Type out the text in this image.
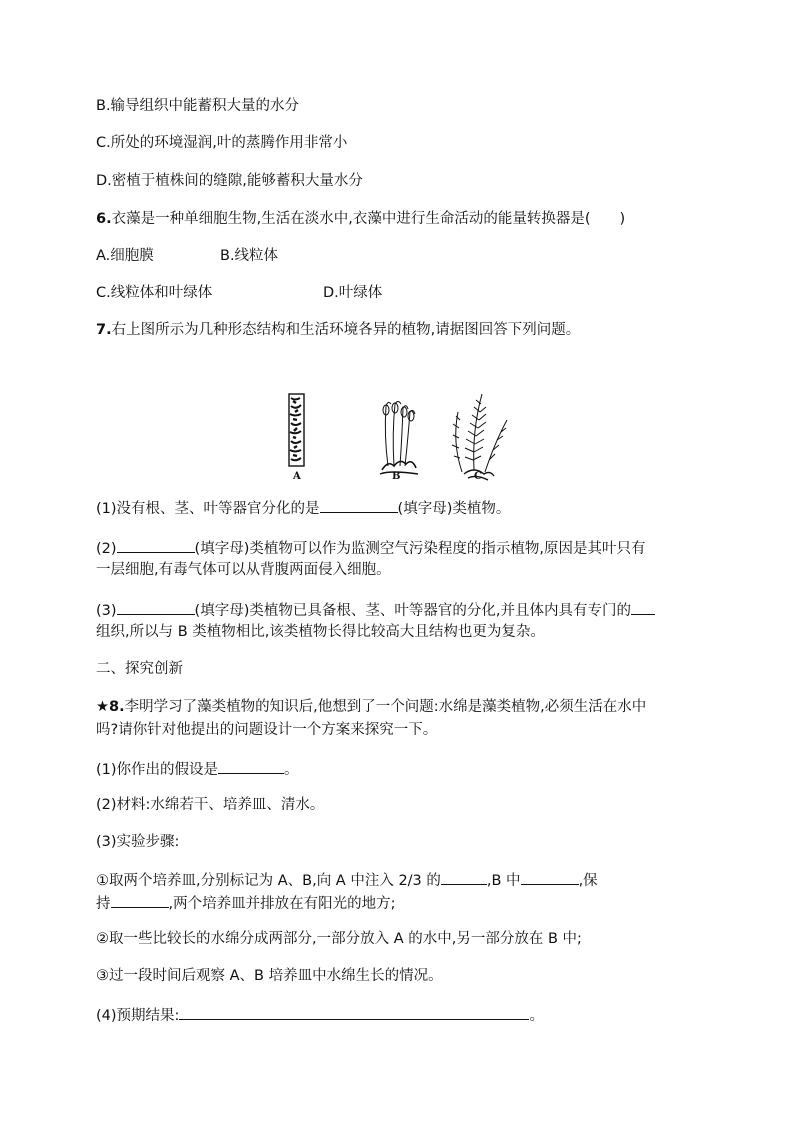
B.输导组织中能蓄积大量的水分
C.所处的环境湿润,叶的蒸腾作用非常小
D.密植于植株间的缝隙,能够蓄积大量水分
6.衣藻是一种单细胞生物,生活在淡水中,衣藻中进行生命活动的能量转换器是(　　)
A.细胞膜	B.线粒体
C.线粒体和叶绿体	D.叶绿体
7.右上图所示为几种形态结构和生活环境各异的植物,请据图回答下列问题。
A	B	C
(1)没有根、茎、叶等器官分化的是	(填字母)类植物。
(2)	(填字母)类植物可以作为监测空气污染程度的指示植物,原因是其叶只有
一层细胞,有毒气体可以从背腹两面侵入细胞。
(3)	(填字母)类植物已具备根、茎、叶等器官的分化,并且体内具有专门的
组织,所以与 B 类植物相比,该类植物长得比较高大且结构也更为复杂。
二、探究创新
★8.李明学习了藻类植物的知识后,他想到了一个问题:水绵是藻类植物,必须生活在水中
吗?请你针对他提出的问题设计一个方案来探究一下。
(1)你作出的假设是	。
(2)材料:水绵若干、培养皿、清水。
(3)实验步骤:
①取两个培养皿,分别标记为 A、B,向 A 中注入 2/3 的	,B 中	,保
持	,两个培养皿并排放在有阳光的地方;
②取一些比较长的水绵分成两部分,一部分放入 A 的水中,另一部分放在 B 中;
③过一段时间后观察 A、B 培养皿中水绵生长的情况。
(4)预期结果:	。
